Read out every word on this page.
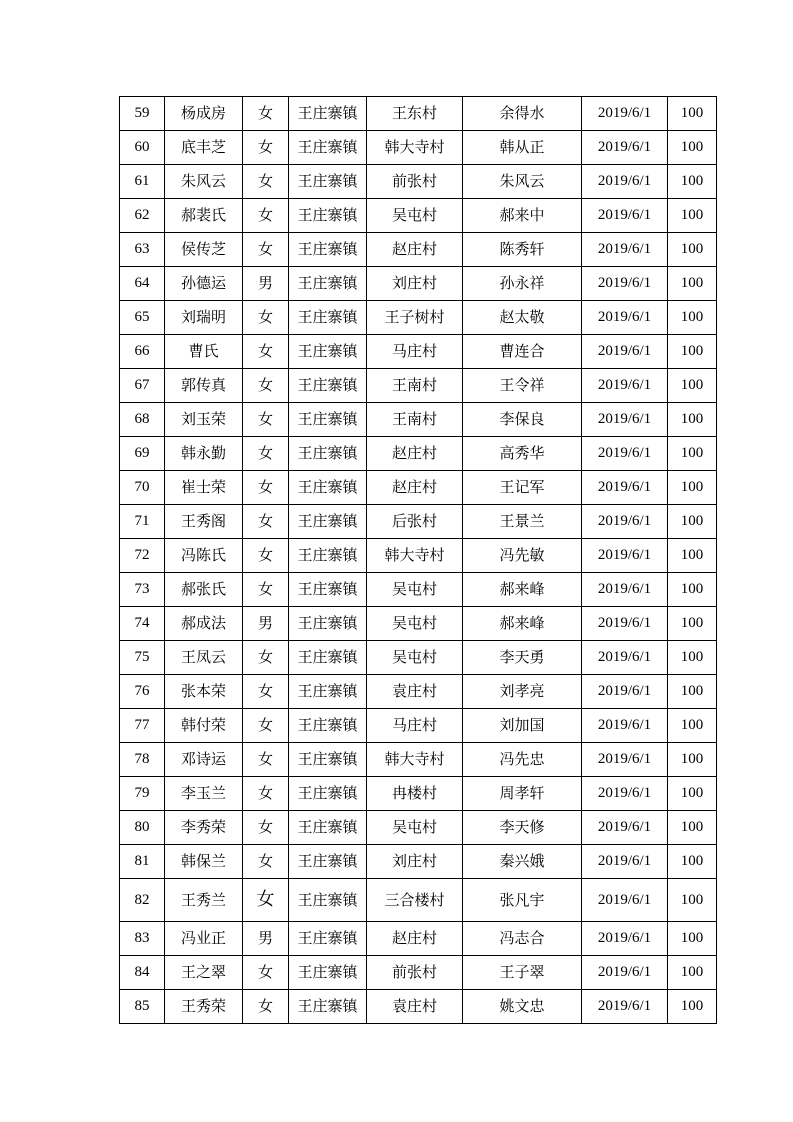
59	杨成房	女	王庄寨镇	王东村	余得水	2019/6/1	100
60	底丰芝	女	王庄寨镇	韩大寺村	韩从正	2019/6/1	100
61	朱风云	女	王庄寨镇	前张村	朱风云	2019/6/1	100
62	郝裴氏	女	王庄寨镇	吴屯村	郝来中	2019/6/1	100
63	侯传芝	女	王庄寨镇	赵庄村	陈秀轩	2019/6/1	100
64	孙德运	男	王庄寨镇	刘庄村	孙永祥	2019/6/1	100
65	刘瑞明	女	王庄寨镇	王子树村	赵太敬	2019/6/1	100
66	曹氏	女	王庄寨镇	马庄村	曹连合	2019/6/1	100
67	郭传真	女	王庄寨镇	王南村	王令祥	2019/6/1	100
68	刘玉荣	女	王庄寨镇	王南村	李保良	2019/6/1	100
69	韩永勤	女	王庄寨镇	赵庄村	高秀华	2019/6/1	100
70	崔士荣	女	王庄寨镇	赵庄村	王记军	2019/6/1	100
71	王秀阁	女	王庄寨镇	后张村	王景兰	2019/6/1	100
72	冯陈氏	女	王庄寨镇	韩大寺村	冯先敏	2019/6/1	100
73	郝张氏	女	王庄寨镇	吴屯村	郝来峰	2019/6/1	100
74	郝成法	男	王庄寨镇	吴屯村	郝来峰	2019/6/1	100
75	王凤云	女	王庄寨镇	吴屯村	李天勇	2019/6/1	100
76	张本荣	女	王庄寨镇	袁庄村	刘孝亮	2019/6/1	100
77	韩付荣	女	王庄寨镇	马庄村	刘加国	2019/6/1	100
78	邓诗运	女	王庄寨镇	韩大寺村	冯先忠	2019/6/1	100
79	李玉兰	女	王庄寨镇	冉楼村	周孝轩	2019/6/1	100
80	李秀荣	女	王庄寨镇	吴屯村	李天修	2019/6/1	100
81	韩保兰	女	王庄寨镇	刘庄村	秦兴娥	2019/6/1	100
82	王秀兰	女	王庄寨镇	三合楼村	张凡宇	2019/6/1	100
83	冯业正	男	王庄寨镇	赵庄村	冯志合	2019/6/1	100
84	王之翠	女	王庄寨镇	前张村	王子翠	2019/6/1	100
85	王秀荣	女	王庄寨镇	袁庄村	姚文忠	2019/6/1	100
